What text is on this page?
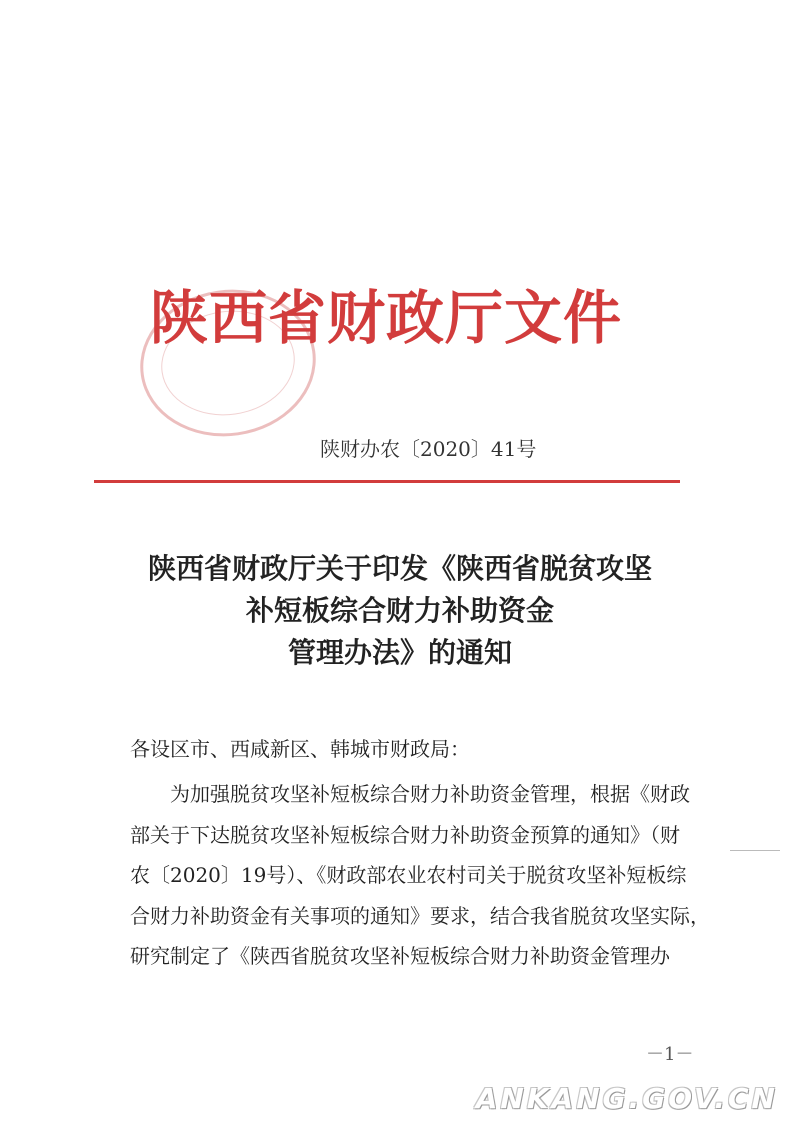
陕西省财政厅文件
陕财办农〔2020〕41号
陕西省财政厅关于印发《陕西省脱贫攻坚
补短板综合财力补助资金
管理办法》的通知
各设区市、西咸新区、韩城市财政局：
为加强脱贫攻坚补短板综合财力补助资金管理，根据《财政
部关于下达脱贫攻坚补短板综合财力补助资金预算的通知》（财
农〔2020〕19号）、《财政部农业农村司关于脱贫攻坚补短板综
合财力补助资金有关事项的通知》要求，结合我省脱贫攻坚实际，
研究制定了《陕西省脱贫攻坚补短板综合财力补助资金管理办
－1－
ANKANG.GOV.CN
